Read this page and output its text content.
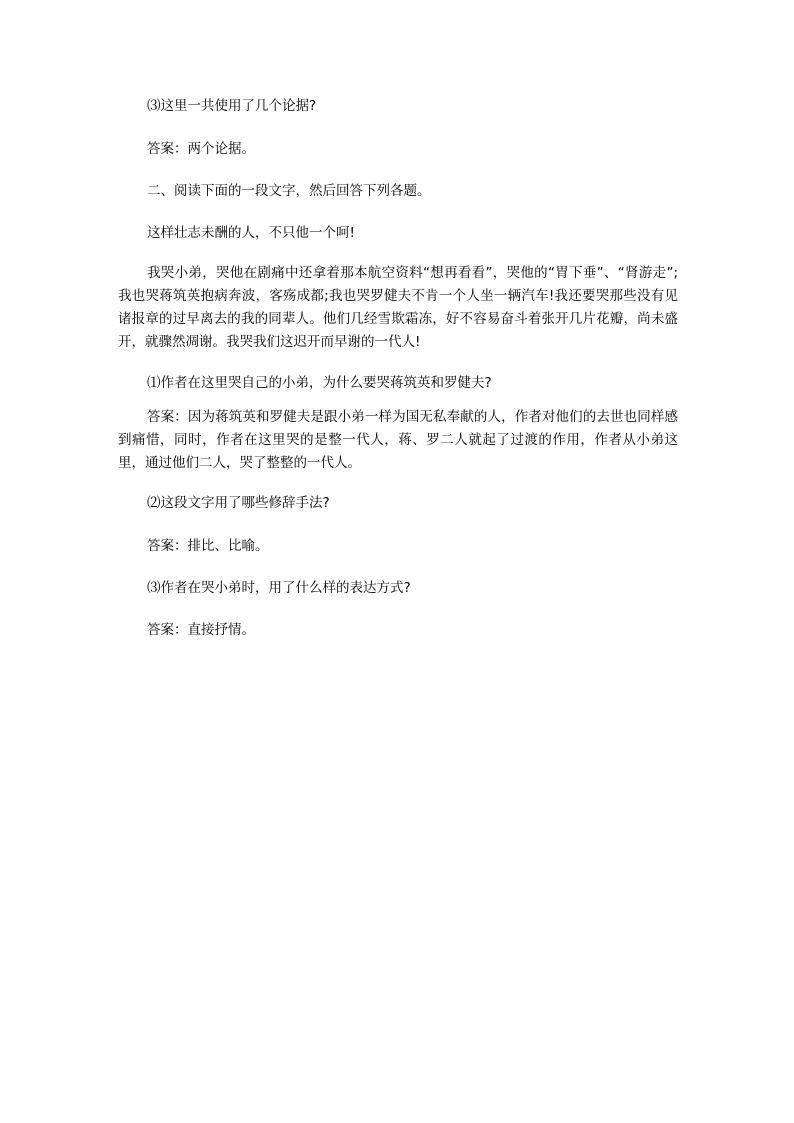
⑶这里一共使用了几个论据?

答案：两个论据。

二、阅读下面的一段文字，然后回答下列各题。

这样壮志未酬的人，不只他一个呵!

我哭小弟，哭他在剧痛中还拿着那本航空资料“想再看看”，哭他的“胃下垂”、“肾游走”;我也哭蒋筑英抱病奔波，客殇成都;我也哭罗健夫不肯一个人坐一辆汽车!我还要哭那些没有见诸报章的过早离去的我的同辈人。他们几经雪欺霜冻，好不容易奋斗着张开几片花瓣，尚未盛开，就骤然凋谢。我哭我们这迟开而早谢的一代人!

⑴作者在这里哭自己的小弟，为什么要哭蒋筑英和罗健夫?

答案：因为蒋筑英和罗健夫是跟小弟一样为国无私奉献的人，作者对他们的去世也同样感到痛惜，同时，作者在这里哭的是整一代人，蒋、罗二人就起了过渡的作用，作者从小弟这里，通过他们二人，哭了整整的一代人。

⑵这段文字用了哪些修辞手法?

答案：排比、比喻。

⑶作者在哭小弟时，用了什么样的表达方式?

答案：直接抒情。
